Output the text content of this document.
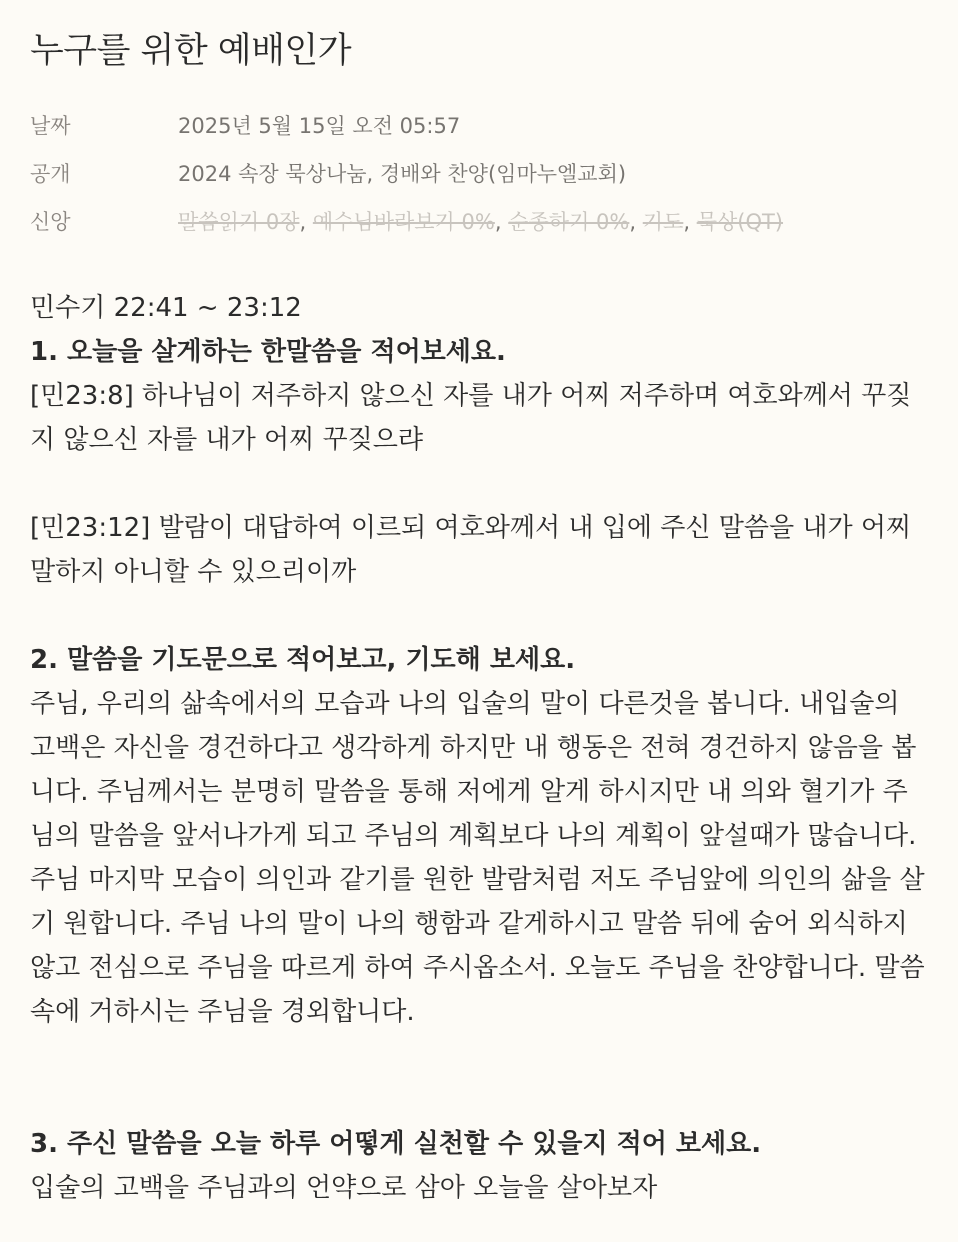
누구를 위한 예배인가
날짜	2025년 5월 15일 오전 05:57
공개	2024 속장 묵상나눔, 경배와 찬양(임마누엘교회)
신앙	말씀읽기 0장, 예수님바라보기 0%, 순종하기 0%, 기도, 묵상(QT)

민수기 22:41 ~ 23:12

1. 오늘을 살게하는 한말씀을 적어보세요.

[민23:8] 하나님이 저주하지 않으신 자를 내가 어찌 저주하며 여호와께서 꾸짖지 않으신 자를 내가 어찌 꾸짖으랴

[민23:12] 발람이 대답하여 이르되 여호와께서 내 입에 주신 말씀을 내가 어찌 말하지 아니할 수 있으리이까

2. 말씀을 기도문으로 적어보고, 기도해 보세요.

주님, 우리의 삶속에서의 모습과 나의 입술의 말이 다른것을 봅니다. 내입술의 고백은 자신을 경건하다고 생각하게 하지만 내 행동은 전혀 경건하지 않음을 봅니다. 주님께서는 분명히 말씀을 통해 저에게 알게 하시지만 내 의와 혈기가 주님의 말씀을 앞서나가게 되고 주님의 계획보다 나의 계획이 앞설때가 많습니다. 주님 마지막 모습이 의인과 같기를 원한 발람처럼 저도 주님앞에 의인의 삶을 살기 원합니다. 주님 나의 말이 나의 행함과 같게하시고 말씀 뒤에 숨어 외식하지 않고 전심으로 주님을 따르게 하여 주시옵소서. 오늘도 주님을 찬양합니다. 말씀속에 거하시는 주님을 경외합니다.

3. 주신 말씀을 오늘 하루 어떻게 실천할 수 있을지 적어 보세요.

입술의 고백을 주님과의 언약으로 삼아 오늘을 살아보자
